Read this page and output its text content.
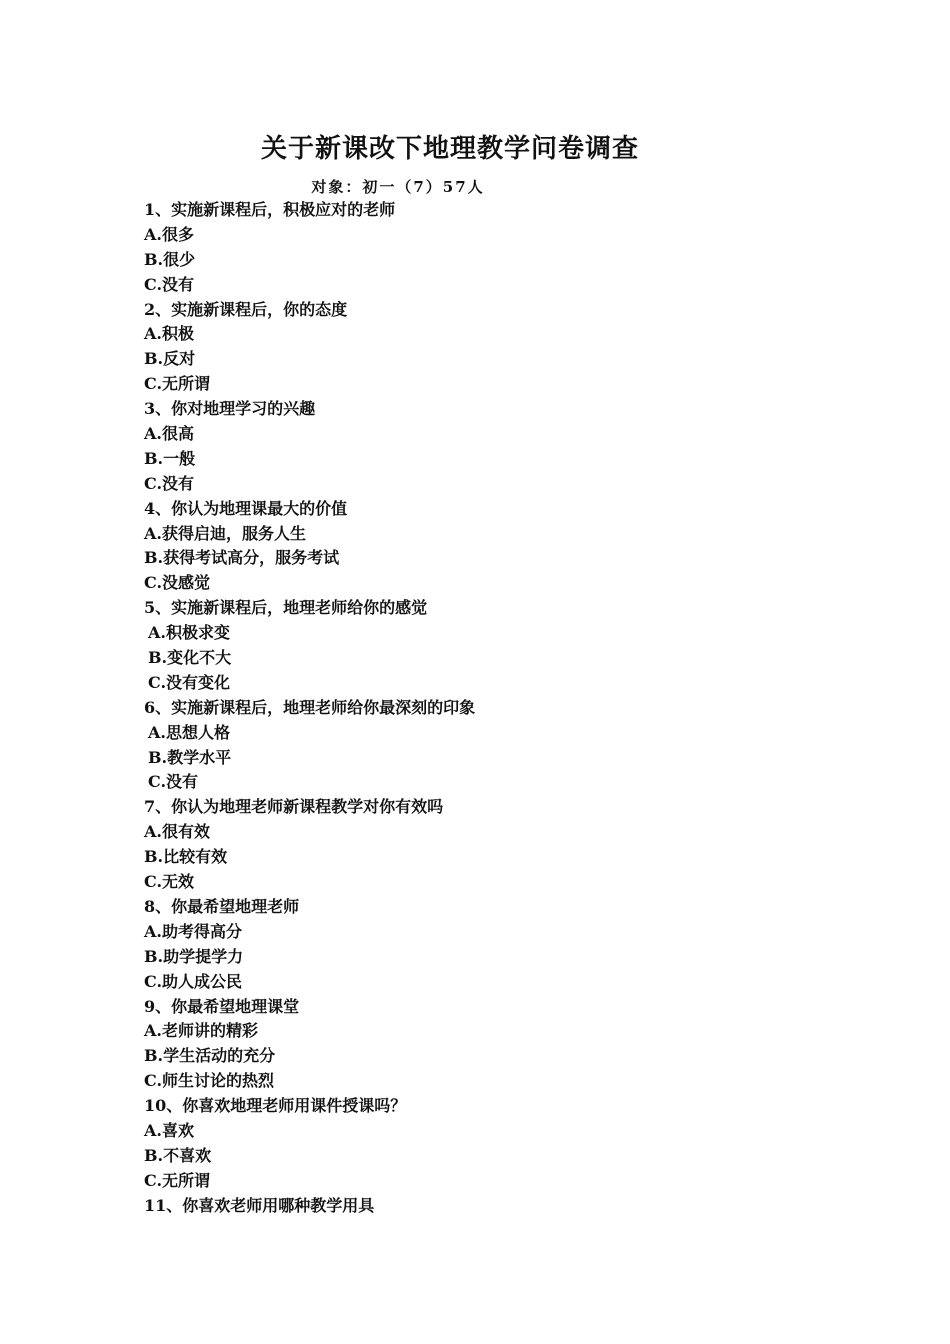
关于新课改下地理教学问卷调查
对象：初一（7）57人
1、实施新课程后，积极应对的老师
A.很多
B.很少
C.没有
2、实施新课程后，你的态度
A.积极
B.反对
C.无所谓
3、你对地理学习的兴趣
A.很高
B.一般
C.没有
4、你认为地理课最大的价值
A.获得启迪，服务人生
B.获得考试高分，服务考试
C.没感觉
5、实施新课程后，地理老师给你的感觉
A.积极求变
B.变化不大
C.没有变化
6、实施新课程后，地理老师给你最深刻的印象
A.思想人格
B.教学水平
C.没有
7、你认为地理老师新课程教学对你有效吗
A.很有效
B.比较有效
C.无效
8、你最希望地理老师
A.助考得高分
B.助学提学力
C.助人成公民
9、你最希望地理课堂
A.老师讲的精彩
B.学生活动的充分
C.师生讨论的热烈
10、你喜欢地理老师用课件授课吗？
A.喜欢
B.不喜欢
C.无所谓
11、你喜欢老师用哪种教学用具
